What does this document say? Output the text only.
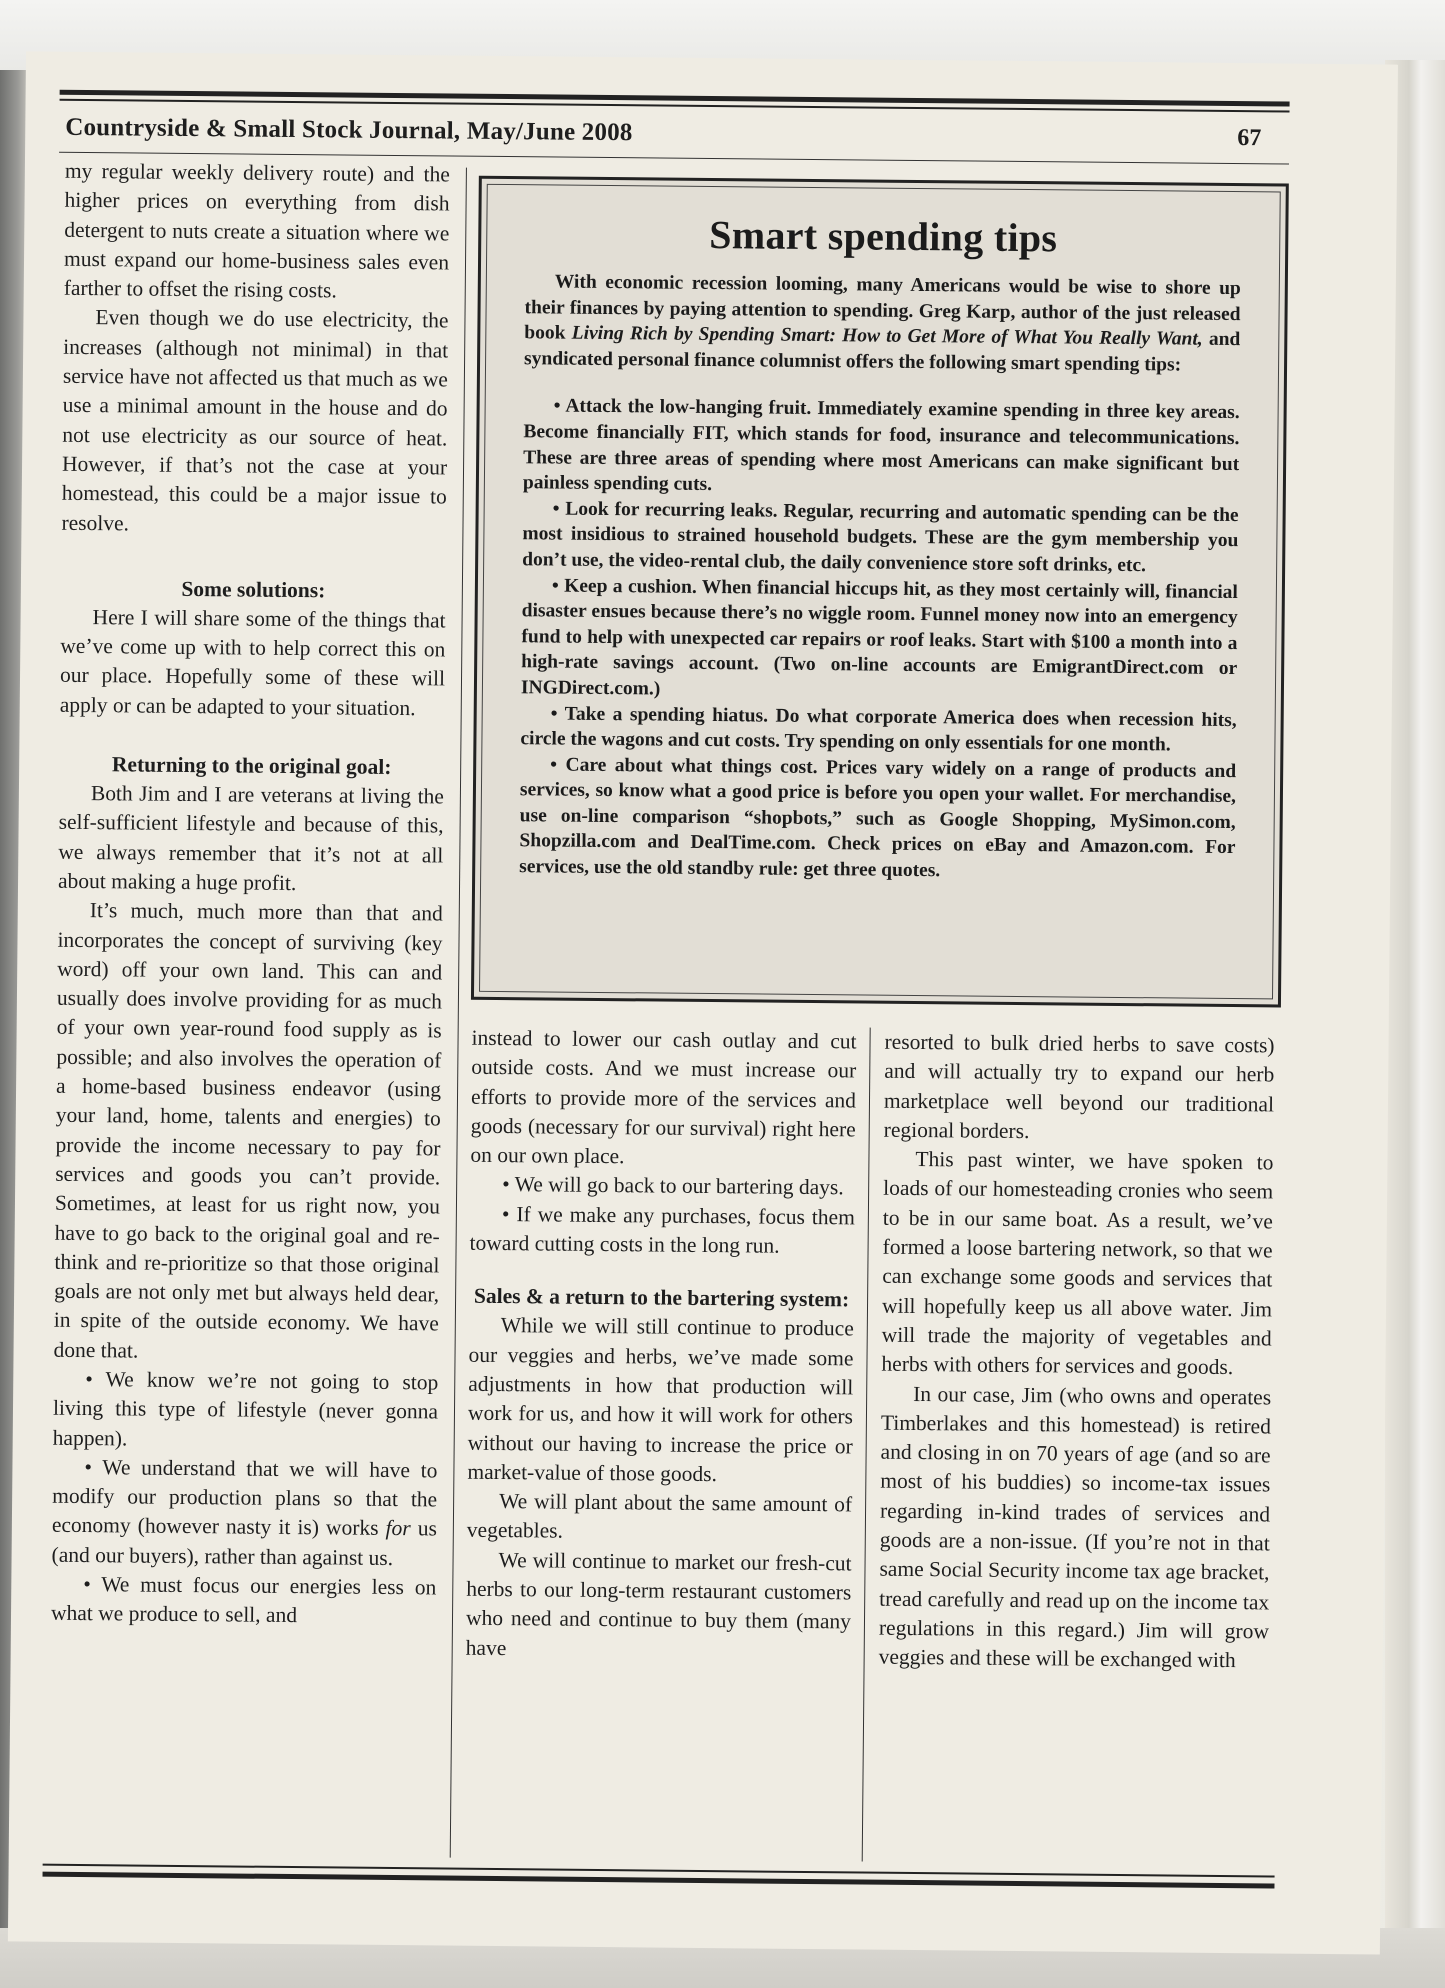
Countryside & Small Stock Journal, May/June 2008	67

my regular weekly delivery route) and the higher prices on everything from dish detergent to nuts create a situation where we must expand our home-business sales even farther to offset the rising costs.

Even though we do use electricity, the increases (although not minimal) in that service have not affected us that much as we use a minimal amount in the house and do not use electricity as our source of heat. However, if that’s not the case at your homestead, this could be a major issue to resolve.

Some solutions:

Here I will share some of the things that we’ve come up with to help correct this on our place. Hopefully some of these will apply or can be adapted to your situation.

Returning to the original goal:

Both Jim and I are veterans at living the self-sufficient lifestyle and because of this, we always remember that it’s not at all about making a huge profit.

It’s much, much more than that and incorporates the concept of surviving (key word) off your own land. This can and usually does involve providing for as much of your own year-round food supply as is possible; and also involves the operation of a home-based business endeavor (using your land, home, talents and energies) to provide the income necessary to pay for services and goods you can’t provide. Sometimes, at least for us right now, you have to go back to the original goal and re-think and re-prioritize so that those original goals are not only met but always held dear, in spite of the outside economy. We have done that.

• We know we’re not going to stop living this type of lifestyle (never gonna happen).

• We understand that we will have to modify our production plans so that the economy (however nasty it is) works for us (and our buyers), rather than against us.

• We must focus our energies less on what we produce to sell, and

Smart spending tips

With economic recession looming, many Americans would be wise to shore up their finances by paying attention to spending. Greg Karp, author of the just released book Living Rich by Spending Smart: How to Get More of What You Really Want, and syndicated personal finance columnist offers the following smart spending tips:

• Attack the low-hanging fruit. Immediately examine spending in three key areas. Become financially FIT, which stands for food, insurance and telecommunications. These are three areas of spending where most Americans can make significant but painless spending cuts.

• Look for recurring leaks. Regular, recurring and automatic spending can be the most insidious to strained household budgets. These are the gym membership you don’t use, the video-rental club, the daily convenience store soft drinks, etc.

• Keep a cushion. When financial hiccups hit, as they most certainly will, financial disaster ensues because there’s no wiggle room. Funnel money now into an emergency fund to help with unexpected car repairs or roof leaks. Start with $100 a month into a high-rate savings account. (Two on-line accounts are EmigrantDirect.com or INGDirect.com.)

• Take a spending hiatus. Do what corporate America does when recession hits, circle the wagons and cut costs. Try spending on only essentials for one month.

• Care about what things cost. Prices vary widely on a range of products and services, so know what a good price is before you open your wallet. For merchandise, use on-line comparison “shopbots,” such as Google Shopping, MySimon.com, Shopzilla.com and DealTime.com. Check prices on eBay and Amazon.com. For services, use the old standby rule: get three quotes.

instead to lower our cash outlay and cut outside costs. And we must increase our efforts to provide more of the services and goods (necessary for our survival) right here on our own place.

• We will go back to our bartering days.

• If we make any purchases, focus them toward cutting costs in the long run.

Sales & a return to the bartering system:

While we will still continue to produce our veggies and herbs, we’ve made some adjustments in how that production will work for us, and how it will work for others without our having to increase the price or market-value of those goods.

We will plant about the same amount of vegetables.

We will continue to market our fresh-cut herbs to our long-term restaurant customers who need and continue to buy them (many have

resorted to bulk dried herbs to save costs) and will actually try to expand our herb marketplace well beyond our traditional regional borders.

This past winter, we have spoken to loads of our homesteading cronies who seem to be in our same boat. As a result, we’ve formed a loose bartering network, so that we can exchange some goods and services that will hopefully keep us all above water. Jim will trade the majority of vegetables and herbs with others for services and goods.

In our case, Jim (who owns and operates Timberlakes and this homestead) is retired and closing in on 70 years of age (and so are most of his buddies) so income-tax issues regarding in-kind trades of services and goods are a non-issue. (If you’re not in that same Social Security income tax age bracket, tread carefully and read up on the income tax regulations in this regard.) Jim will grow veggies and these will be exchanged with
